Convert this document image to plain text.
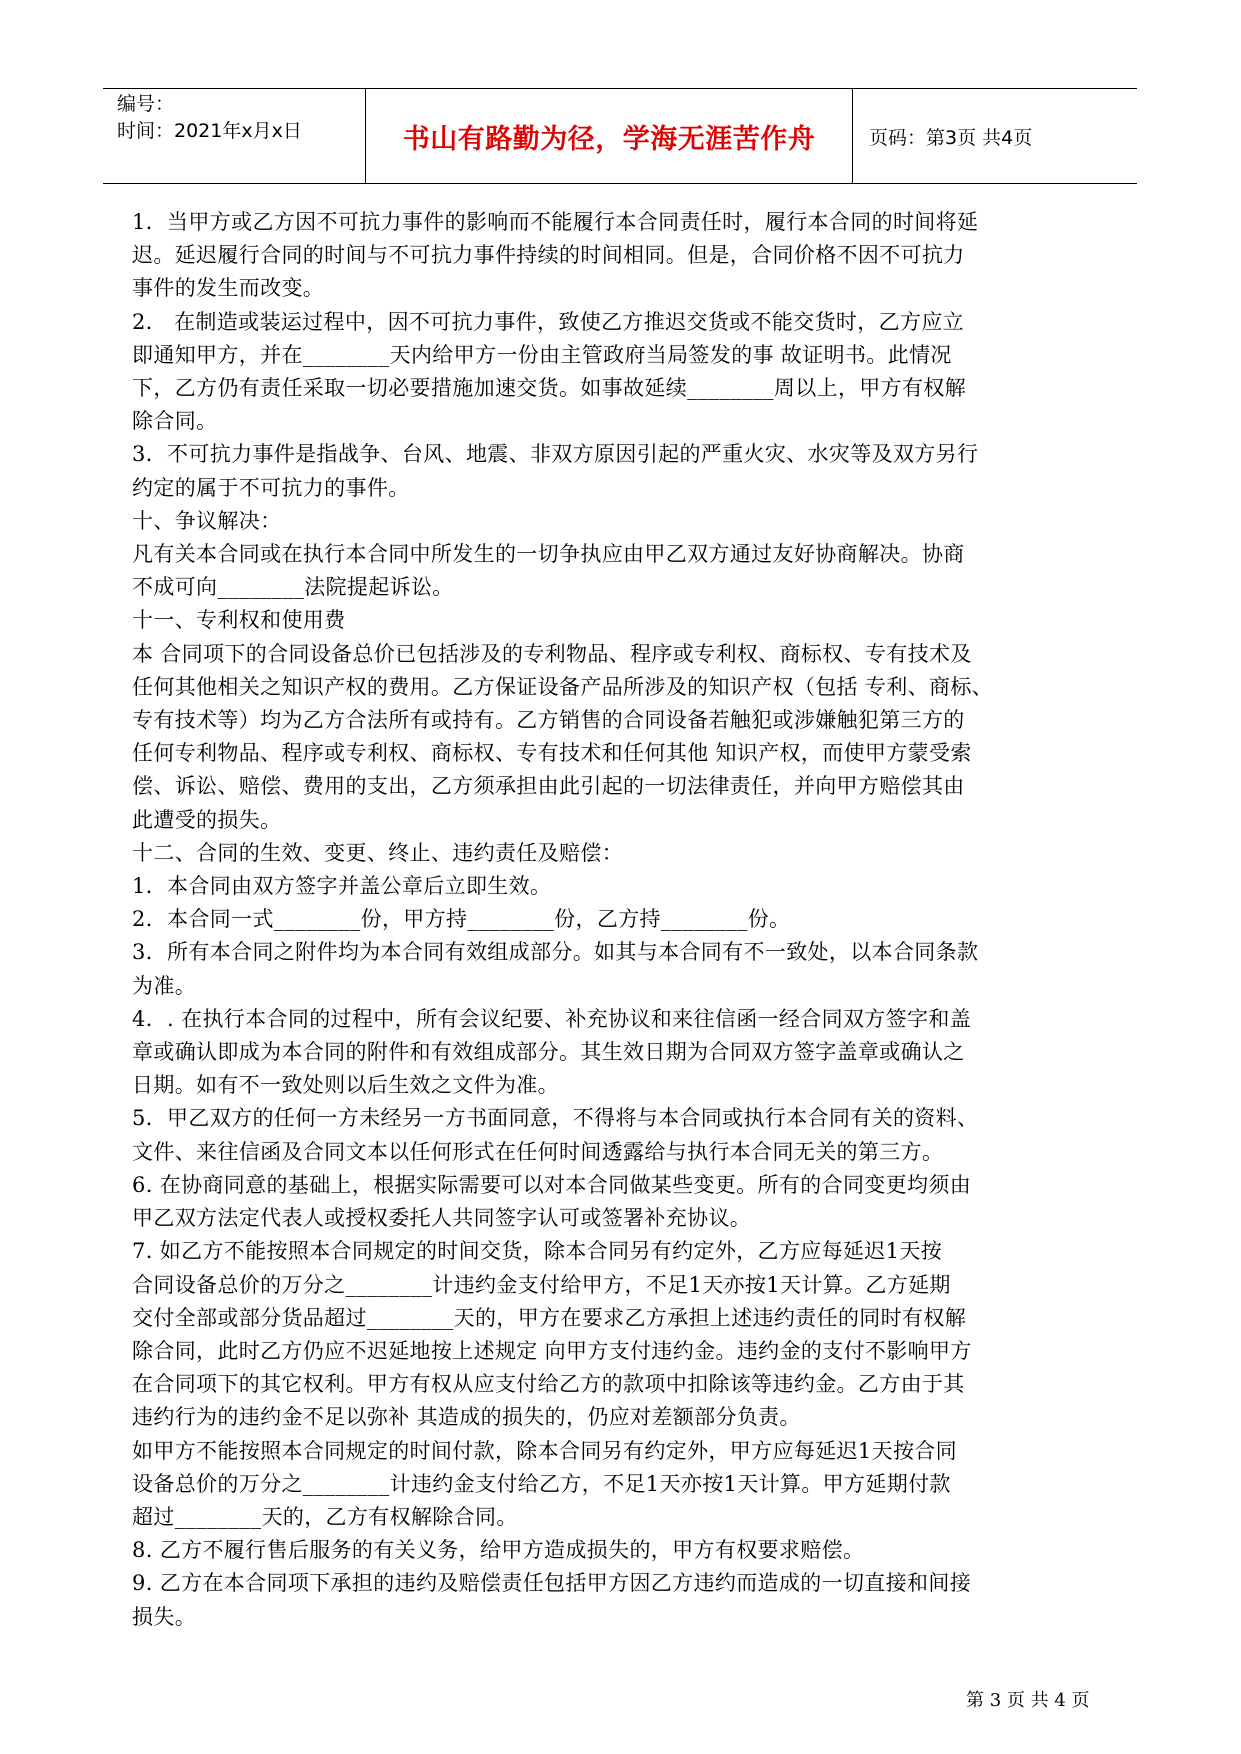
编号：
时间：2021年x月x日	书山有路勤为径，学海无涯苦作舟	页码：第3页 共4页
1．当甲方或乙方因不可抗力事件的影响而不能履行本合同责任时，履行本合同的时间将延
迟。延迟履行合同的时间与不可抗力事件持续的时间相同。但是，合同价格不因不可抗力
事件的发生而改变。
2． 在制造或装运过程中，因不可抗力事件，致使乙方推迟交货或不能交货时，乙方应立
即通知甲方，并在________天内给甲方一份由主管政府当局签发的事 故证明书。此情况
下，乙方仍有责任采取一切必要措施加速交货。如事故延续________周以上，甲方有权解
除合同。
3．不可抗力事件是指战争、台风、地震、非双方原因引起的严重火灾、水灾等及双方另行
约定的属于不可抗力的事件。
十、争议解决：
凡有关本合同或在执行本合同中所发生的一切争执应由甲乙双方通过友好协商解决。协商
不成可向________法院提起诉讼。
十一、专利权和使用费
本 合同项下的合同设备总价已包括涉及的专利物品、程序或专利权、商标权、专有技术及
任何其他相关之知识产权的费用。乙方保证设备产品所涉及的知识产权（包括 专利、商标、
专有技术等）均为乙方合法所有或持有。乙方销售的合同设备若触犯或涉嫌触犯第三方的
任何专利物品、程序或专利权、商标权、专有技术和任何其他 知识产权，而使甲方蒙受索
偿、诉讼、赔偿、费用的支出，乙方须承担由此引起的一切法律责任，并向甲方赔偿其由
此遭受的损失。
十二、合同的生效、变更、终止、违约责任及赔偿：
1．本合同由双方签字并盖公章后立即生效。
2．本合同一式________份，甲方持________份，乙方持________份。
3．所有本合同之附件均为本合同有效组成部分。如其与本合同有不一致处，以本合同条款
为准。
4．. 在执行本合同的过程中，所有会议纪要、补充协议和来往信函一经合同双方签字和盖
章或确认即成为本合同的附件和有效组成部分。其生效日期为合同双方签字盖章或确认之
日期。如有不一致处则以后生效之文件为准。
5．甲乙双方的任何一方未经另一方书面同意，不得将与本合同或执行本合同有关的资料、
文件、来往信函及合同文本以任何形式在任何时间透露给与执行本合同无关的第三方。
6. 在协商同意的基础上，根据实际需要可以对本合同做某些变更。所有的合同变更均须由
甲乙双方法定代表人或授权委托人共同签字认可或签署补充协议。
7. 如乙方不能按照本合同规定的时间交货，除本合同另有约定外，乙方应每延迟1天按
合同设备总价的万分之________计违约金支付给甲方，不足1天亦按1天计算。乙方延期
交付全部或部分货品超过________天的，甲方在要求乙方承担上述违约责任的同时有权解
除合同，此时乙方仍应不迟延地按上述规定 向甲方支付违约金。违约金的支付不影响甲方
在合同项下的其它权利。甲方有权从应支付给乙方的款项中扣除该等违约金。乙方由于其
违约行为的违约金不足以弥补 其造成的损失的，仍应对差额部分负责。
如甲方不能按照本合同规定的时间付款，除本合同另有约定外，甲方应每延迟1天按合同
设备总价的万分之________计违约金支付给乙方，不足1天亦按1天计算。甲方延期付款
超过________天的，乙方有权解除合同。
8. 乙方不履行售后服务的有关义务，给甲方造成损失的，甲方有权要求赔偿。
9. 乙方在本合同项下承担的违约及赔偿责任包括甲方因乙方违约而造成的一切直接和间接
损失。
第 3 页 共 4 页
